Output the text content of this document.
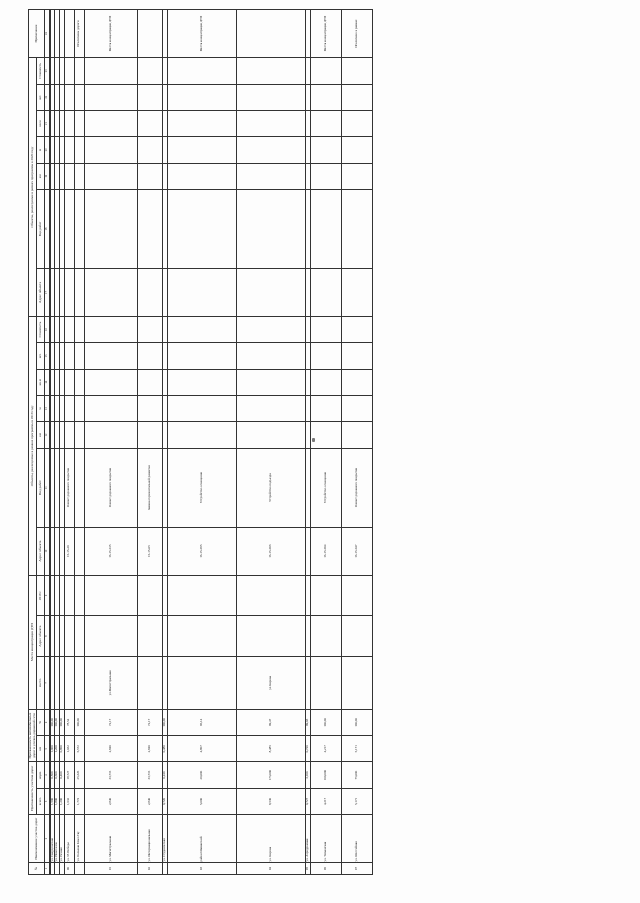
№	Наименование участка дорог	Протяженность участков дорог		Протяженность автомобильных дорог и улично-дорожной сети		Места концентрации ДТП			Объекты, реализуемые в рамках программы в 2019 году							Объекты, реализуемые в рамках программы в 2020 году							Примечание
		всего	норм.	км	%	место	Адрес объекта	2019 г.	Адрес объекта	Вид работ	км	м	кв.м	шт.	Стоимость	Адрес объекта	Вид работ	км	м	кв.м	шт.	Стоимость	
1	2	3	4	5	6	7	8	9	10	11	12	13	14	15	16	17	18	19	20	21	22	23	24
	ул. Свердловская	1,500	0,500	1,000	100,00																		
	ул. Новоселов	1,800	0,600	1,200	100,00																		
	ул. Речная	1,200	0,400	0,800	100,00																		
90	ул. 65 Победы	1,632	18,727	1,032	78,54				16-15-20	Ремонт дорожного покрытия													
	ул. Большая Кзыл-Тау	1,774	25,326	6,572	100,00																		Исключены дороги
91	ул. Магистральная	2,840	33,716	2,840	72,17	ул.Магистральная			16-15-015	Ремонт дорожного покрытия													Места концентрации ДТП
92	ул. Интернациональная	2,840	33,716	2,840	72,17				16-15-05	Замена горизонтальной разметки													
	ул. Студенческая	0,720	0,240	0,480	100,00																		
93	район Шаманский	5,000	20,000	4,807	96,14				16-15-055	Устройство освещения													Места концентрации ДТП
94	ул. Кирова	8,530	173,000	8,485	99,47	ул.Кирова			16-15-066	Устройство подъезда													
95	ул. Аэродромная	0,727	3,100	0,720	99,03																		
96	ул. Тюменская	4,217	100,000	4,217	100,00				16-15-064	Устройство освещения													Места концентрации ДТП
97	ул. Шоссейная	5,171	75,000	5,171	100,00				16-15-047	Ремонт дорожного покрытия													Исключено в рамках
